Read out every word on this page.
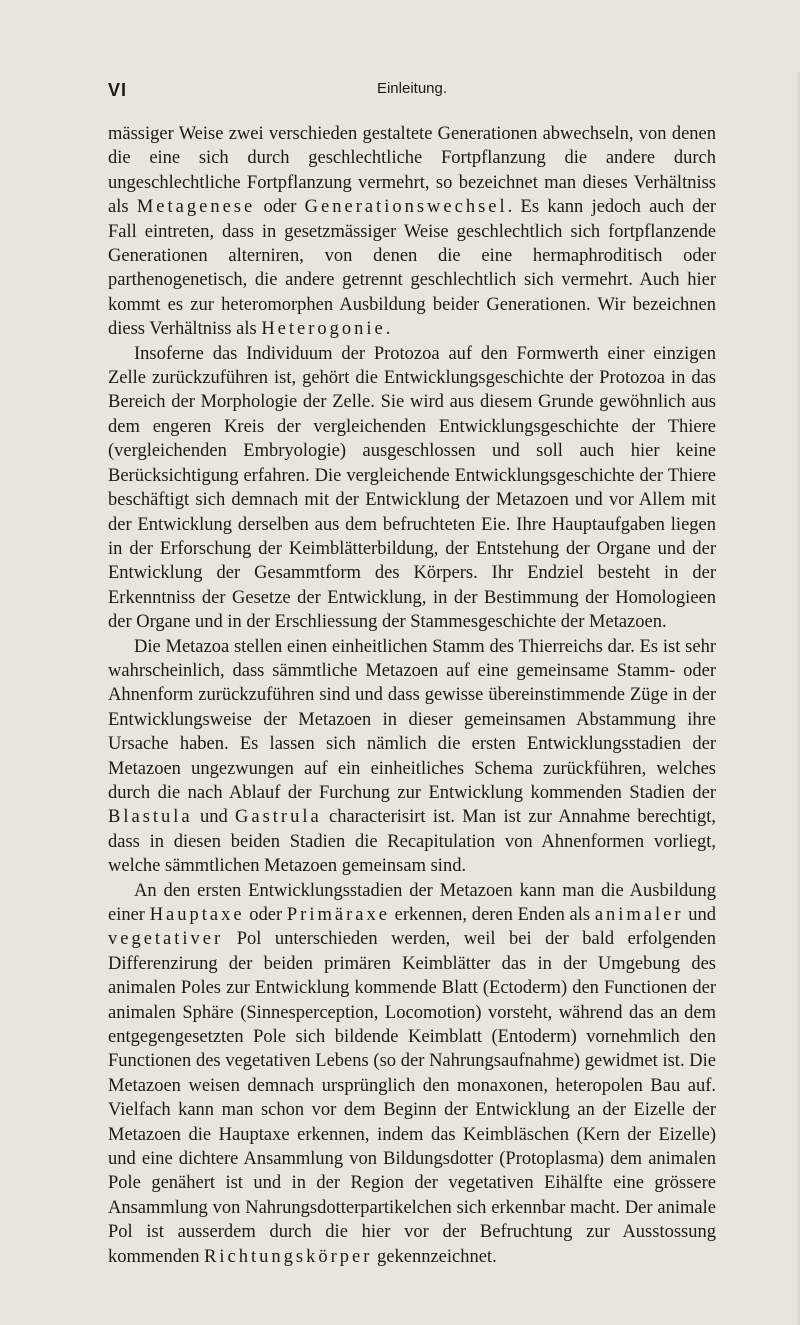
VI	Einleitung.

mässiger Weise zwei verschieden gestaltete Generationen abwechseln, von denen die eine sich durch geschlechtliche Fortpflanzung die andere durch ungeschlechtliche Fortpflanzung vermehrt, so bezeichnet man dieses Verhältniss als Metagenese oder Generationswechsel. Es kann jedoch auch der Fall eintreten, dass in gesetzmässiger Weise geschlechtlich sich fortpflanzende Generationen alterniren, von denen die eine hermaphroditisch oder parthenogenetisch, die andere getrennt geschlechtlich sich vermehrt. Auch hier kommt es zur heteromorphen Ausbildung beider Generationen. Wir bezeichnen diess Verhältniss als Heterogonie.

Insoferne das Individuum der Protozoa auf den Formwerth einer einzigen Zelle zurückzuführen ist, gehört die Entwicklungsgeschichte der Protozoa in das Bereich der Morphologie der Zelle. Sie wird aus diesem Grunde gewöhnlich aus dem engeren Kreis der vergleichenden Entwicklungsgeschichte der Thiere (vergleichenden Embryologie) ausgeschlossen und soll auch hier keine Berücksichtigung erfahren. Die vergleichende Entwicklungsgeschichte der Thiere beschäftigt sich demnach mit der Entwicklung der Metazoen und vor Allem mit der Entwicklung derselben aus dem befruchteten Eie. Ihre Hauptaufgaben liegen in der Erforschung der Keimblätterbildung, der Entstehung der Organe und der Entwicklung der Gesammtform des Körpers. Ihr Endziel besteht in der Erkenntniss der Gesetze der Entwicklung, in der Bestimmung der Homologieen der Organe und in der Erschliessung der Stammesgeschichte der Metazoen.

Die Metazoa stellen einen einheitlichen Stamm des Thierreichs dar. Es ist sehr wahrscheinlich, dass sämmtliche Metazoen auf eine gemeinsame Stamm- oder Ahnenform zurückzuführen sind und dass gewisse übereinstimmende Züge in der Entwicklungsweise der Metazoen in dieser gemeinsamen Abstammung ihre Ursache haben. Es lassen sich nämlich die ersten Entwicklungsstadien der Metazoen ungezwungen auf ein einheitliches Schema zurückführen, welches durch die nach Ablauf der Furchung zur Entwicklung kommenden Stadien der Blastula und Gastrula characterisirt ist. Man ist zur Annahme berechtigt, dass in diesen beiden Stadien die Recapitulation von Ahnenformen vorliegt, welche sämmtlichen Metazoen gemeinsam sind.

An den ersten Entwicklungsstadien der Metazoen kann man die Ausbildung einer Hauptaxe oder Primäraxe erkennen, deren Enden als animaler und vegetativer Pol unterschieden werden, weil bei der bald erfolgenden Differenzirung der beiden primären Keimblätter das in der Umgebung des animalen Poles zur Entwicklung kommende Blatt (Ectoderm) den Functionen der animalen Sphäre (Sinnesperception, Locomotion) vorsteht, während das an dem entgegengesetzten Pole sich bildende Keimblatt (Entoderm) vornehmlich den Functionen des vegetativen Lebens (so der Nahrungsaufnahme) gewidmet ist. Die Metazoen weisen demnach ursprünglich den monaxonen, heteropolen Bau auf. Vielfach kann man schon vor dem Beginn der Entwicklung an der Eizelle der Metazoen die Hauptaxe erkennen, indem das Keimbläschen (Kern der Eizelle) und eine dichtere Ansammlung von Bildungsdotter (Protoplasma) dem animalen Pole genähert ist und in der Region der vegetativen Eihälfte eine grössere Ansammlung von Nahrungsdotterpartikelchen sich erkennbar macht. Der animale Pol ist ausserdem durch die hier vor der Befruchtung zur Ausstossung kommenden Richtungskörper gekennzeichnet.
